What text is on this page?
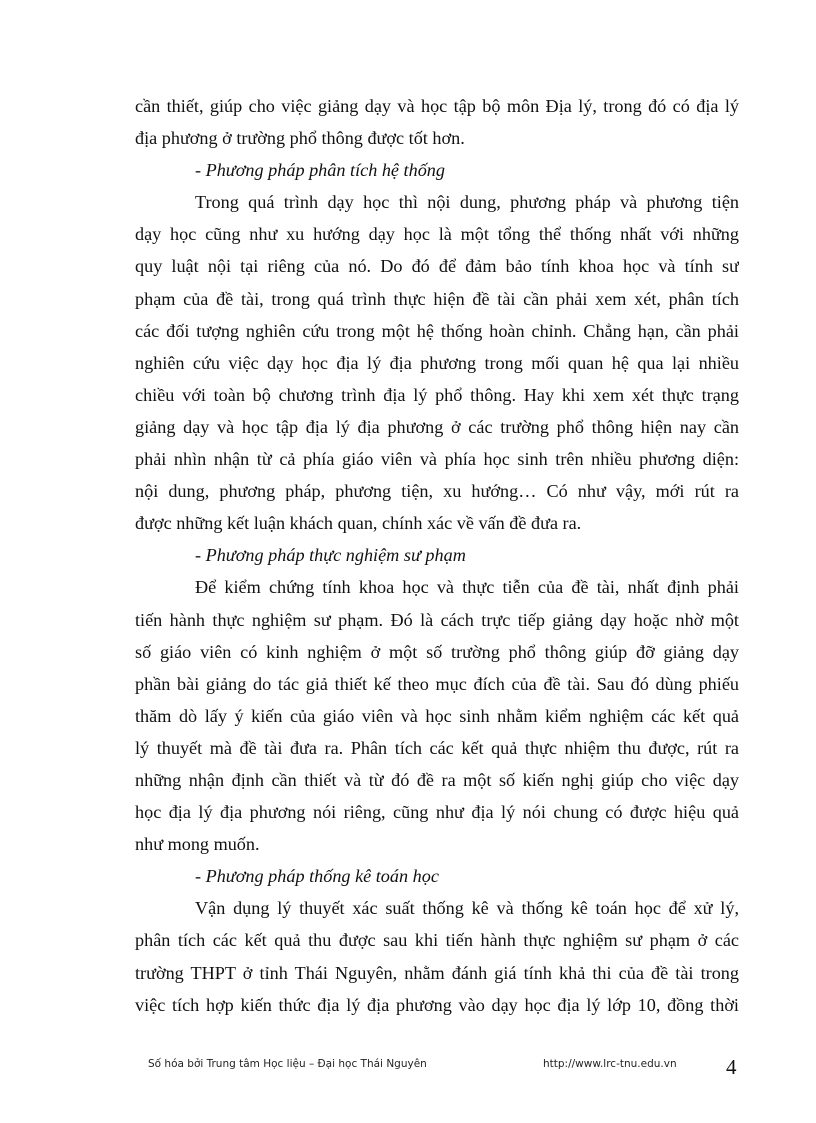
cần thiết, giúp cho việc giảng dạy và học tập bộ môn Địa lý, trong đó có địa lý
địa phương ở trường phổ thông được tốt hơn.
- Phương pháp phân tích hệ thống
Trong quá trình dạy học thì nội dung, phương pháp và phương tiện
dạy học cũng như xu hướng dạy học là một tổng thể thống nhất với những
quy luật nội tại riêng của nó. Do đó để đảm bảo tính khoa học và tính sư
phạm của đề tài, trong quá trình thực hiện đề tài cần phải xem xét, phân tích
các đối tượng nghiên cứu trong một hệ thống hoàn chỉnh. Chẳng hạn, cần phải
nghiên cứu việc dạy học địa lý địa phương trong mối quan hệ qua lại nhiều
chiều với toàn bộ chương trình địa lý phổ thông. Hay khi xem xét thực trạng
giảng dạy và học tập địa lý địa phương ở các trường phổ thông hiện nay cần
phải nhìn nhận từ cả phía giáo viên và phía học sinh trên nhiều phương diện:
nội dung, phương pháp, phương tiện, xu hướng… Có như vậy, mới rút ra
được những kết luận khách quan, chính xác về vấn đề đưa ra.
- Phương pháp thực nghiệm sư phạm
Để kiểm chứng tính khoa học và thực tiễn của đề tài, nhất định phải
tiến hành thực nghiệm sư phạm. Đó là cách trực tiếp giảng dạy hoặc nhờ một
số giáo viên có kinh nghiệm ở một số trường phổ thông giúp đỡ giảng dạy
phần bài giảng do tác giả thiết kế theo mục đích của đề tài. Sau đó dùng phiếu
thăm dò lấy ý kiến của giáo viên và học sinh nhằm kiểm nghiệm các kết quả
lý thuyết mà đề tài đưa ra. Phân tích các kết quả thực nhiệm thu được, rút ra
những nhận định cần thiết và từ đó đề ra một số kiến nghị giúp cho việc dạy
học địa lý địa phương nói riêng, cũng như địa lý nói chung có được hiệu quả
như mong muốn.
- Phương pháp thống kê toán học
Vận dụng lý thuyết xác suất thống kê và thống kê toán học để xử lý,
phân tích các kết quả thu được sau khi tiến hành thực nghiệm sư phạm ở các
trường THPT ở tỉnh Thái Nguyên, nhằm đánh giá tính khả thi của đề tài trong
việc tích hợp kiến thức địa lý địa phương vào dạy học địa lý lớp 10, đồng thời
Số hóa bởi Trung tâm Học liệu – Đại học Thái Nguyên	http://www.lrc-tnu.edu.vn 4
